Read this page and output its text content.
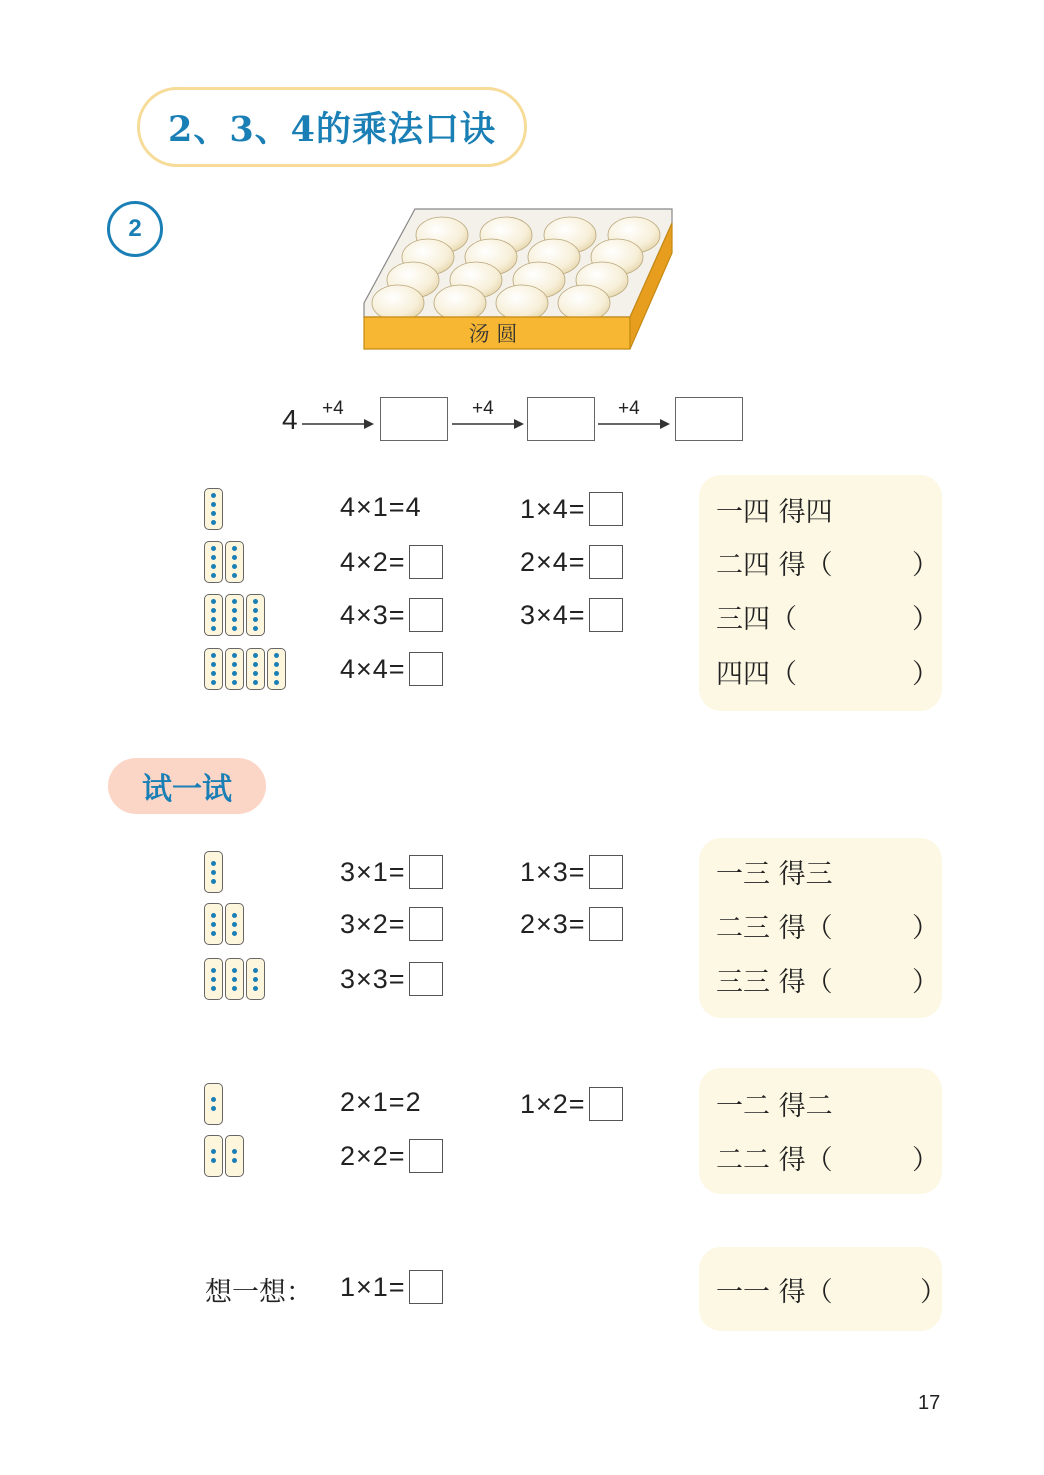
2、3、4的乘法口诀
2
汤 圆
4 +4	+4	+4
4×1=4	1×4=
4×2=	2×4=
4×3=	3×4=
4×4=
一四 得四
二四 得（	）
三四（	）
四四（	）
试一试
3×1=	1×3=
3×2=	2×3=
3×3=
一三 得三
二三 得（	）
三三 得（	）
2×1=2	1×2=
2×2=
一二 得二
二二 得（	）
想一想： 1×1=	一一 得（	）
17
